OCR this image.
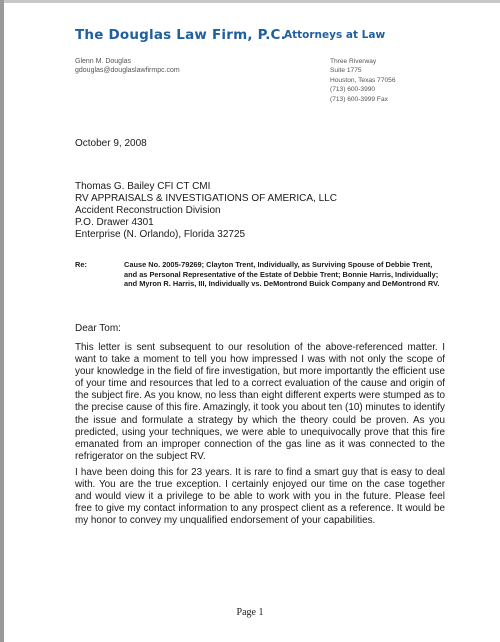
The Douglas Law Firm, P.C.
Attorneys at Law
Glenn M. Douglas
gdouglas@douglaslawfirmpc.com
Three Riverway
Suite 1775
Houston, Texas 77056
(713) 600-3990
(713) 600-3999 Fax
October 9, 2008
Thomas G. Bailey CFI CT CMI
RV APPRAISALS & INVESTIGATIONS OF AMERICA, LLC
Accident Reconstruction Division
P.O. Drawer 4301
Enterprise (N. Orlando), Florida 32725
Re:	Cause No. 2005-79269; Clayton Trent, Individually, as Surviving Spouse of Debbie Trent, and as Personal Representative of the Estate of Debbie Trent; Bonnie Harris, Individually; and Myron R. Harris, III, Individually vs. DeMontrond Buick Company and DeMontrond RV.
Dear Tom:
This letter is sent subsequent to our resolution of the above-referenced matter. I want to take a moment to tell you how impressed I was with not only the scope of your knowledge in the field of fire investigation, but more importantly the efficient use of your time and resources that led to a correct evaluation of the cause and origin of the subject fire. As you know, no less than eight different experts were stumped as to the precise cause of this fire. Amazingly, it took you about ten (10) minutes to identify the issue and formulate a strategy by which the theory could be proven. As you predicted, using your techniques, we were able to unequivocally prove that this fire emanated from an improper connection of the gas line as it was connected to the refrigerator on the subject RV.
I have been doing this for 23 years. It is rare to find a smart guy that is easy to deal with. You are the true exception. I certainly enjoyed our time on the case together and would view it a privilege to be able to work with you in the future. Please feel free to give my contact information to any prospect client as a reference. It would be my honor to convey my unqualified endorsement of your capabilities.
Page 1
